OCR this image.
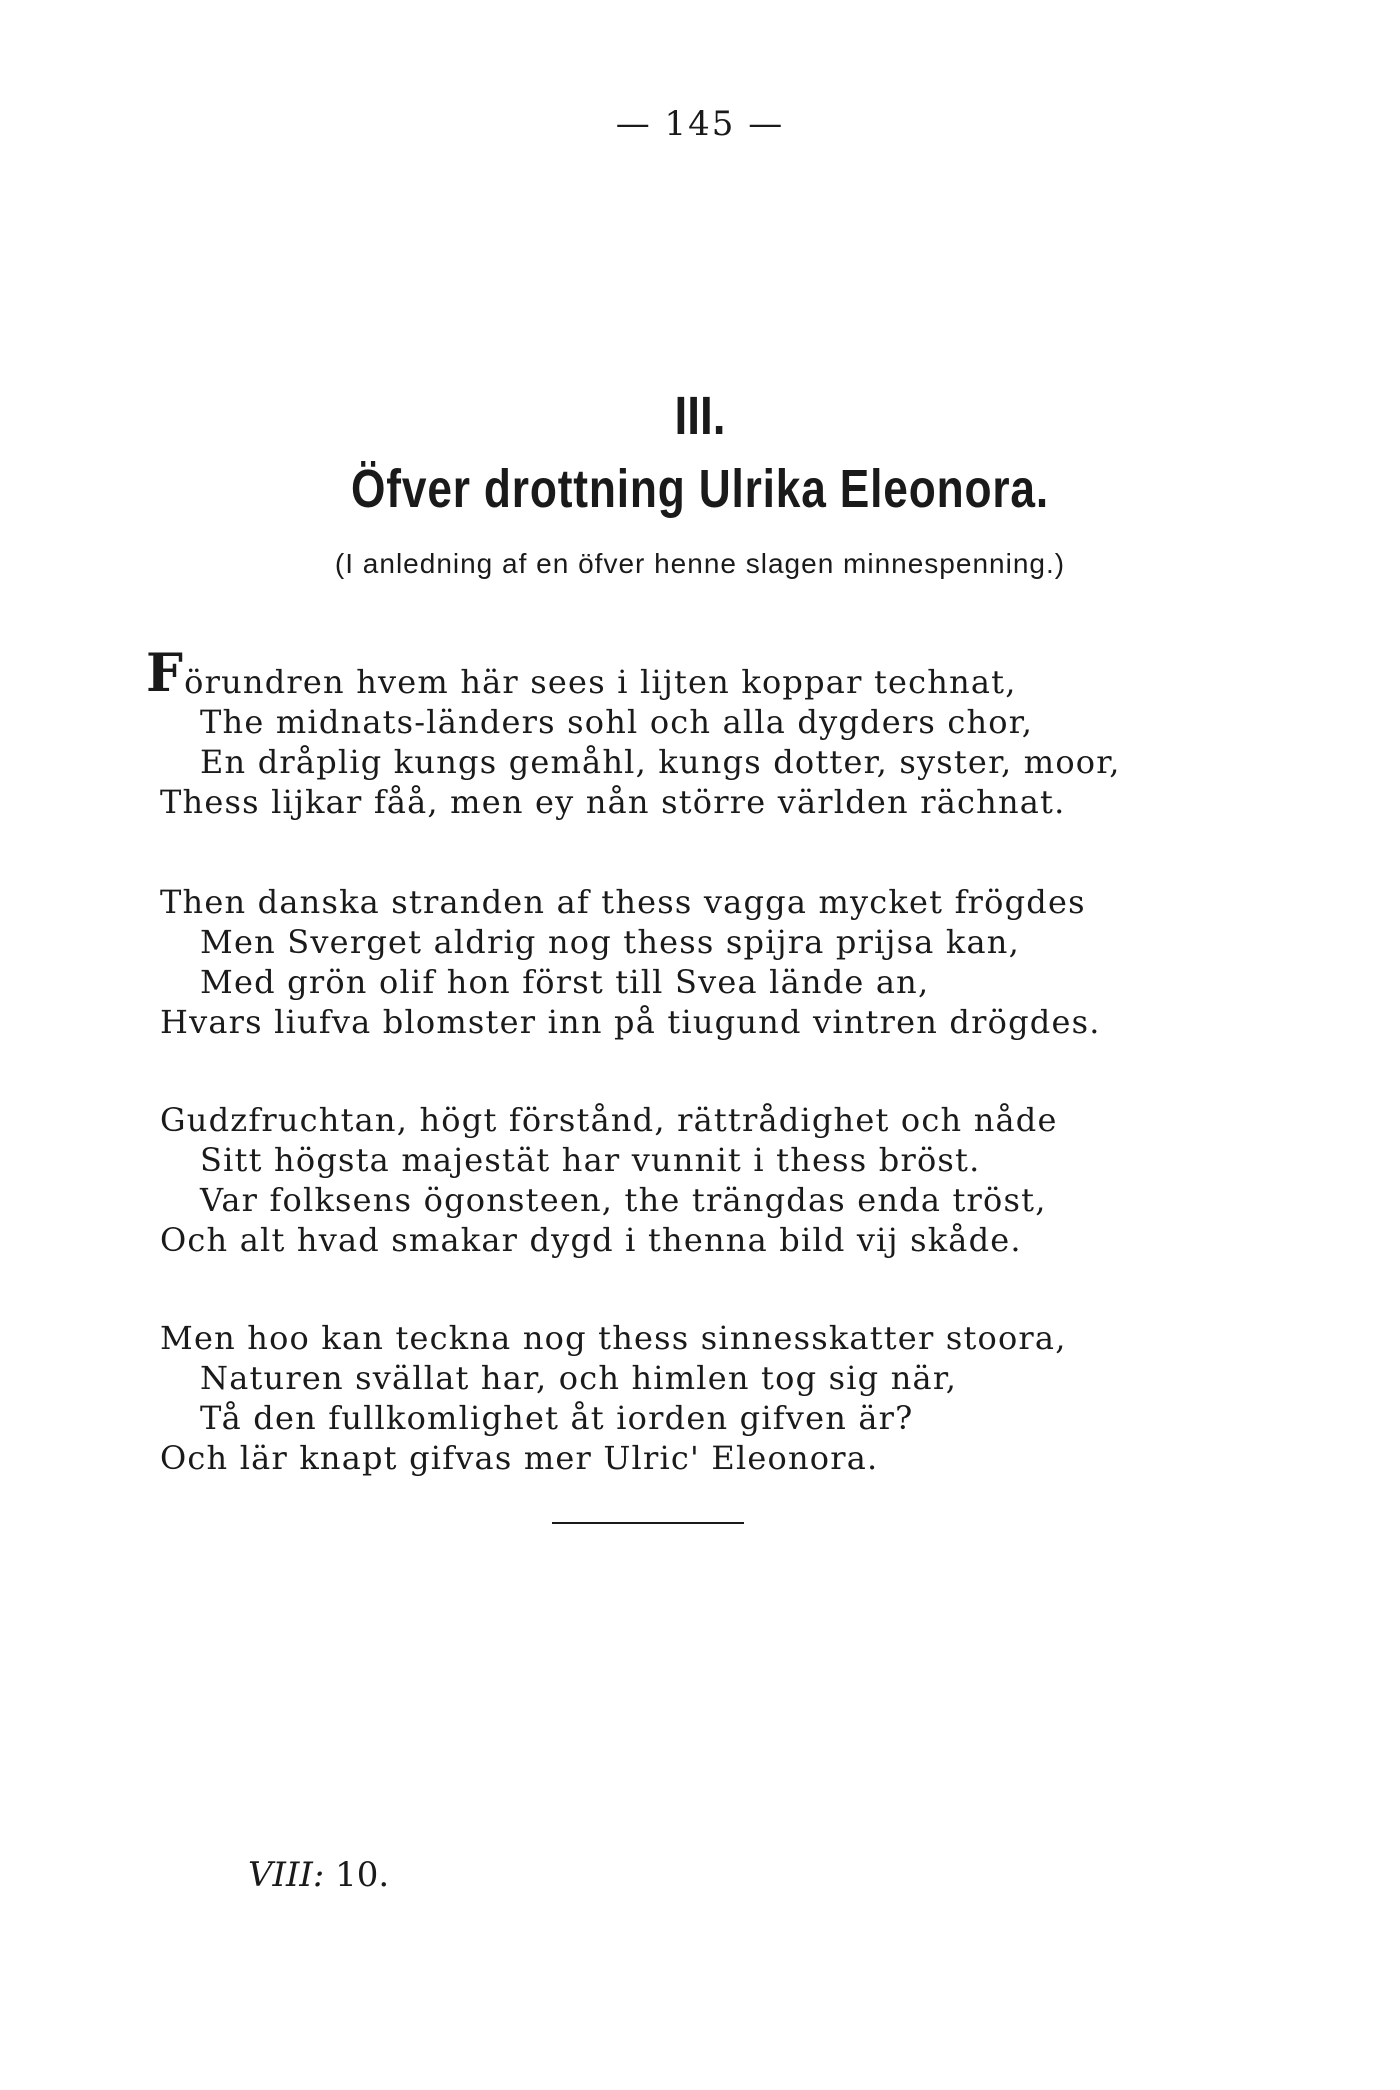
— 145 —
III.
Öfver drottning Ulrika Eleonora.
(I anledning af en öfver henne slagen minnespenning.)
Förundren hvem här sees i lijten koppar technat,
The midnats-länders sohl och alla dygders chor,
En dråplig kungs gemåhl, kungs dotter, syster, moor,
Thess lijkar fåå, men ey nån större världen rächnat.
Then danska stranden af thess vagga mycket frögdes
Men Sverget aldrig nog thess spijra prijsa kan,
Med grön olif hon först till Svea lände an,
Hvars liufva blomster inn på tiugund vintren drögdes.
Gudzfruchtan, högt förstånd, rättrådighet och nåde
Sitt högsta majestät har vunnit i thess bröst.
Var folksens ögonsteen, the trängdas enda tröst,
Och alt hvad smakar dygd i thenna bild vij skåde.
Men hoo kan teckna nog thess sinnesskatter stoora,
Naturen svällat har, och himlen tog sig när,
Tå den fullkomlighet åt iorden gifven är?
Och lär knapt gifvas mer Ulric' Eleonora.
VIII: 10.
